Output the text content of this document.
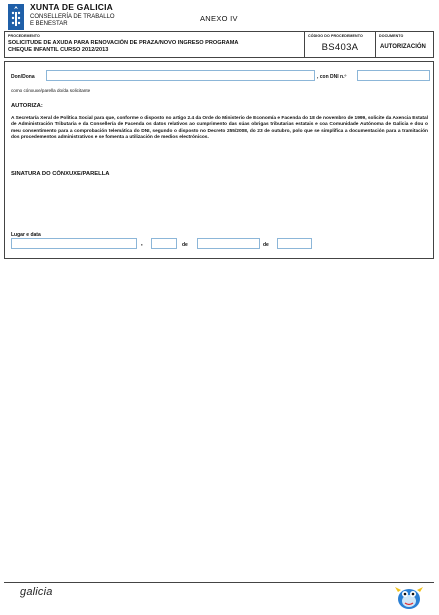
XUNTA DE GALICIA
CONSELLERÍA DE TRABALLO
E BENESTAR
ANEXO IV
PROCEDEMENTO
SOLICITUDE DE AXUDA PARA RENOVACIÓN DE PRAZA/NOVO INGRESO PROGRAMA
CHEQUE INFANTIL CURSO 2012/2013
CÓDIGO DO PROCEDEMENTO
BS403A
DOCUMENTO
AUTORIZACIÓN
Don/Dona	, con DNI n.º
como cónxuxe/parella do/da solicitante
AUTORIZA:
A Secretaría Xeral de Política Social para que, conforme o disposto no artigo 2.4 da Orde do Ministerio de Economía e Facenda do 18 de novembro de 1999, solicite da Axencia Estatal de Administración Tributaria e da Consellería de Facenda os datos relativos ao cumprimento das súas obrigas tributarias estatais e coa Comunidade Autónoma de Galicia e dou o meu consentimento para a comprobación telemática do DNI, segundo o disposto no Decreto 255/2008, do 23 de outubro, polo que se simplifica a documentación para a tramitación dos procedementos administrativos e se fomenta a utilización de medios electrónicos.
SINATURA DO CÓNXUXE/PARELLA
Lugar e data
,	de	de
galicia
